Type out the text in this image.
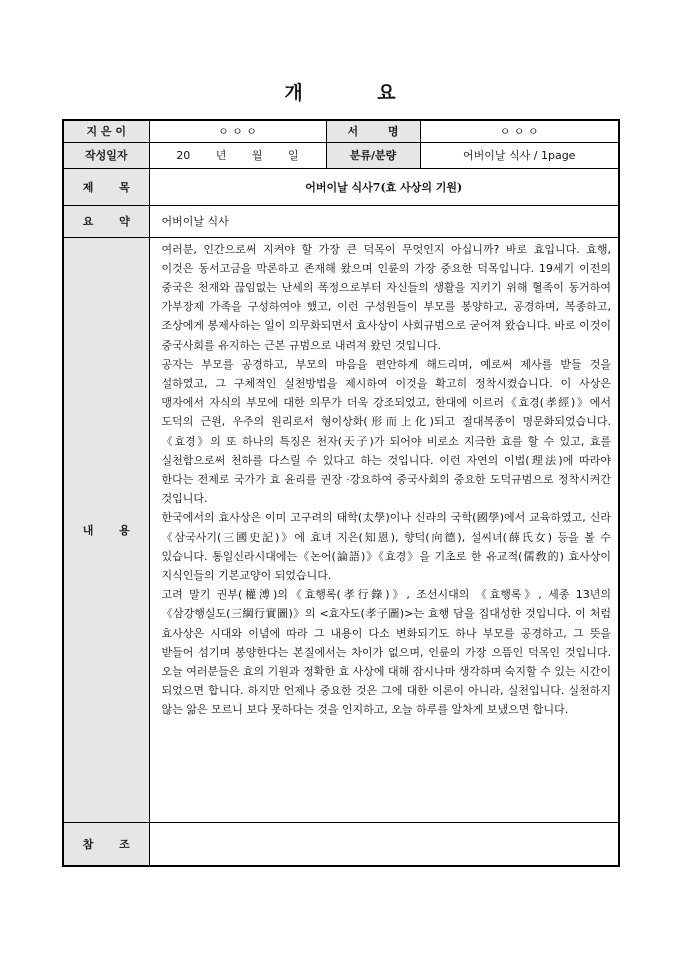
개 요
지 은 이	ㅇ ㅇ ㅇ	서 명	ㅇ ㅇ ㅇ
작성일자	20 년 월 일	분류/분량	어버이날 식사 / 1page
제 목	어버이날 식사7(효 사상의 기원)		
요 약	어버이날 식사		
내 용	여러분, 인간으로써 지켜야 할 가장 큰 덕목이 무엇인지 아십니까? 바로 효입니다. 효행, 이것은 동서고금을 막론하고 존재해 왔으며 인륜의 가장 중요한 덕목입니다. 19세기 이전의 중국은 천재와 끊임없는 난세의 폭정으로부터 자신들의 생활을 지키기 위해 혈족이 동거하여 가부장제 가족을 구성하여야 했고, 이런 구성원들이 부모를 봉양하고, 공경하며, 복종하고, 조상에게 봉제사하는 일이 의무화되면서 효사상이 사회규범으로 굳어져 왔습니다. 바로 이것이 중국사회를 유지하는 근본 규범으로 내려져 왔던 것입니다.

공자는 부모를 공경하고, 부모의 마음을 편안하게 해드리며, 예로써 제사를 받들 것을 설하였고, 그 구체적인 실천방법을 제시하여 이것을 확고히 정착시켰습니다. 이 사상은 맹자에서 자식의 부모에 대한 의무가 더욱 강조되었고, 한대에 이르러《효경(孝經)》에서 도덕의 근원, 우주의 원리로서 형이상화(形而上化)되고 절대복종이 명문화되었습니다. 《효경》의 또 하나의 특징은 천자(天子)가 되어야 비로소 지극한 효를 할 수 있고, 효를 실천함으로써 천하를 다스릴 수 있다고 하는 것입니다. 이런 자연의 이법(理法)에 따라야 한다는 전제로 국가가 효 윤리를 권장 ·강요하여 중국사회의 중요한 도덕규범으로 정착시켜간 것입니다.

한국에서의 효사상은 이미 고구려의 태학(太學)이나 신라의 국학(國學)에서 교육하였고, 신라《삼국사기(三國史記)》에 효녀 지은(知恩), 향덕(向德), 설씨녀(薛氏女) 등을 볼 수 있습니다. 통일신라시대에는《논어(論語)》《효경》을 기초로 한 유교적(儒敎的) 효사상이 지식인들의 기본교양이 되었습니다.

고려 말기 권부(權溥)의《효행록(孝行錄)》, 조선시대의 《효행록》, 세종 13년의《삼강행실도(三綱行實圖)》의 <효자도(孝子圖)>는 효행 담을 집대성한 것입니다. 이 처럼 효사상은 시대와 이념에 따라 그 내용이 다소 변화되기도 하나 부모를 공경하고, 그 뜻을 받들어 섬기며 봉양한다는 본질에서는 차이가 없으며, 인륜의 가장 으뜸인 덕목인 것입니다. 오늘 여러분들은 효의 기원과 정확한 효 사상에 대해 잠시나마 생각하며 숙지할 수 있는 시간이 되었으면 합니다. 하지만 언제나 중요한 것은 그에 대한 이론이 아니라, 실천입니다. 실천하지 않는 앎은 모르니 보다 못하다는 것을 인지하고, 오늘 하루를 알차게 보냈으면 합니다.		

참 조			
